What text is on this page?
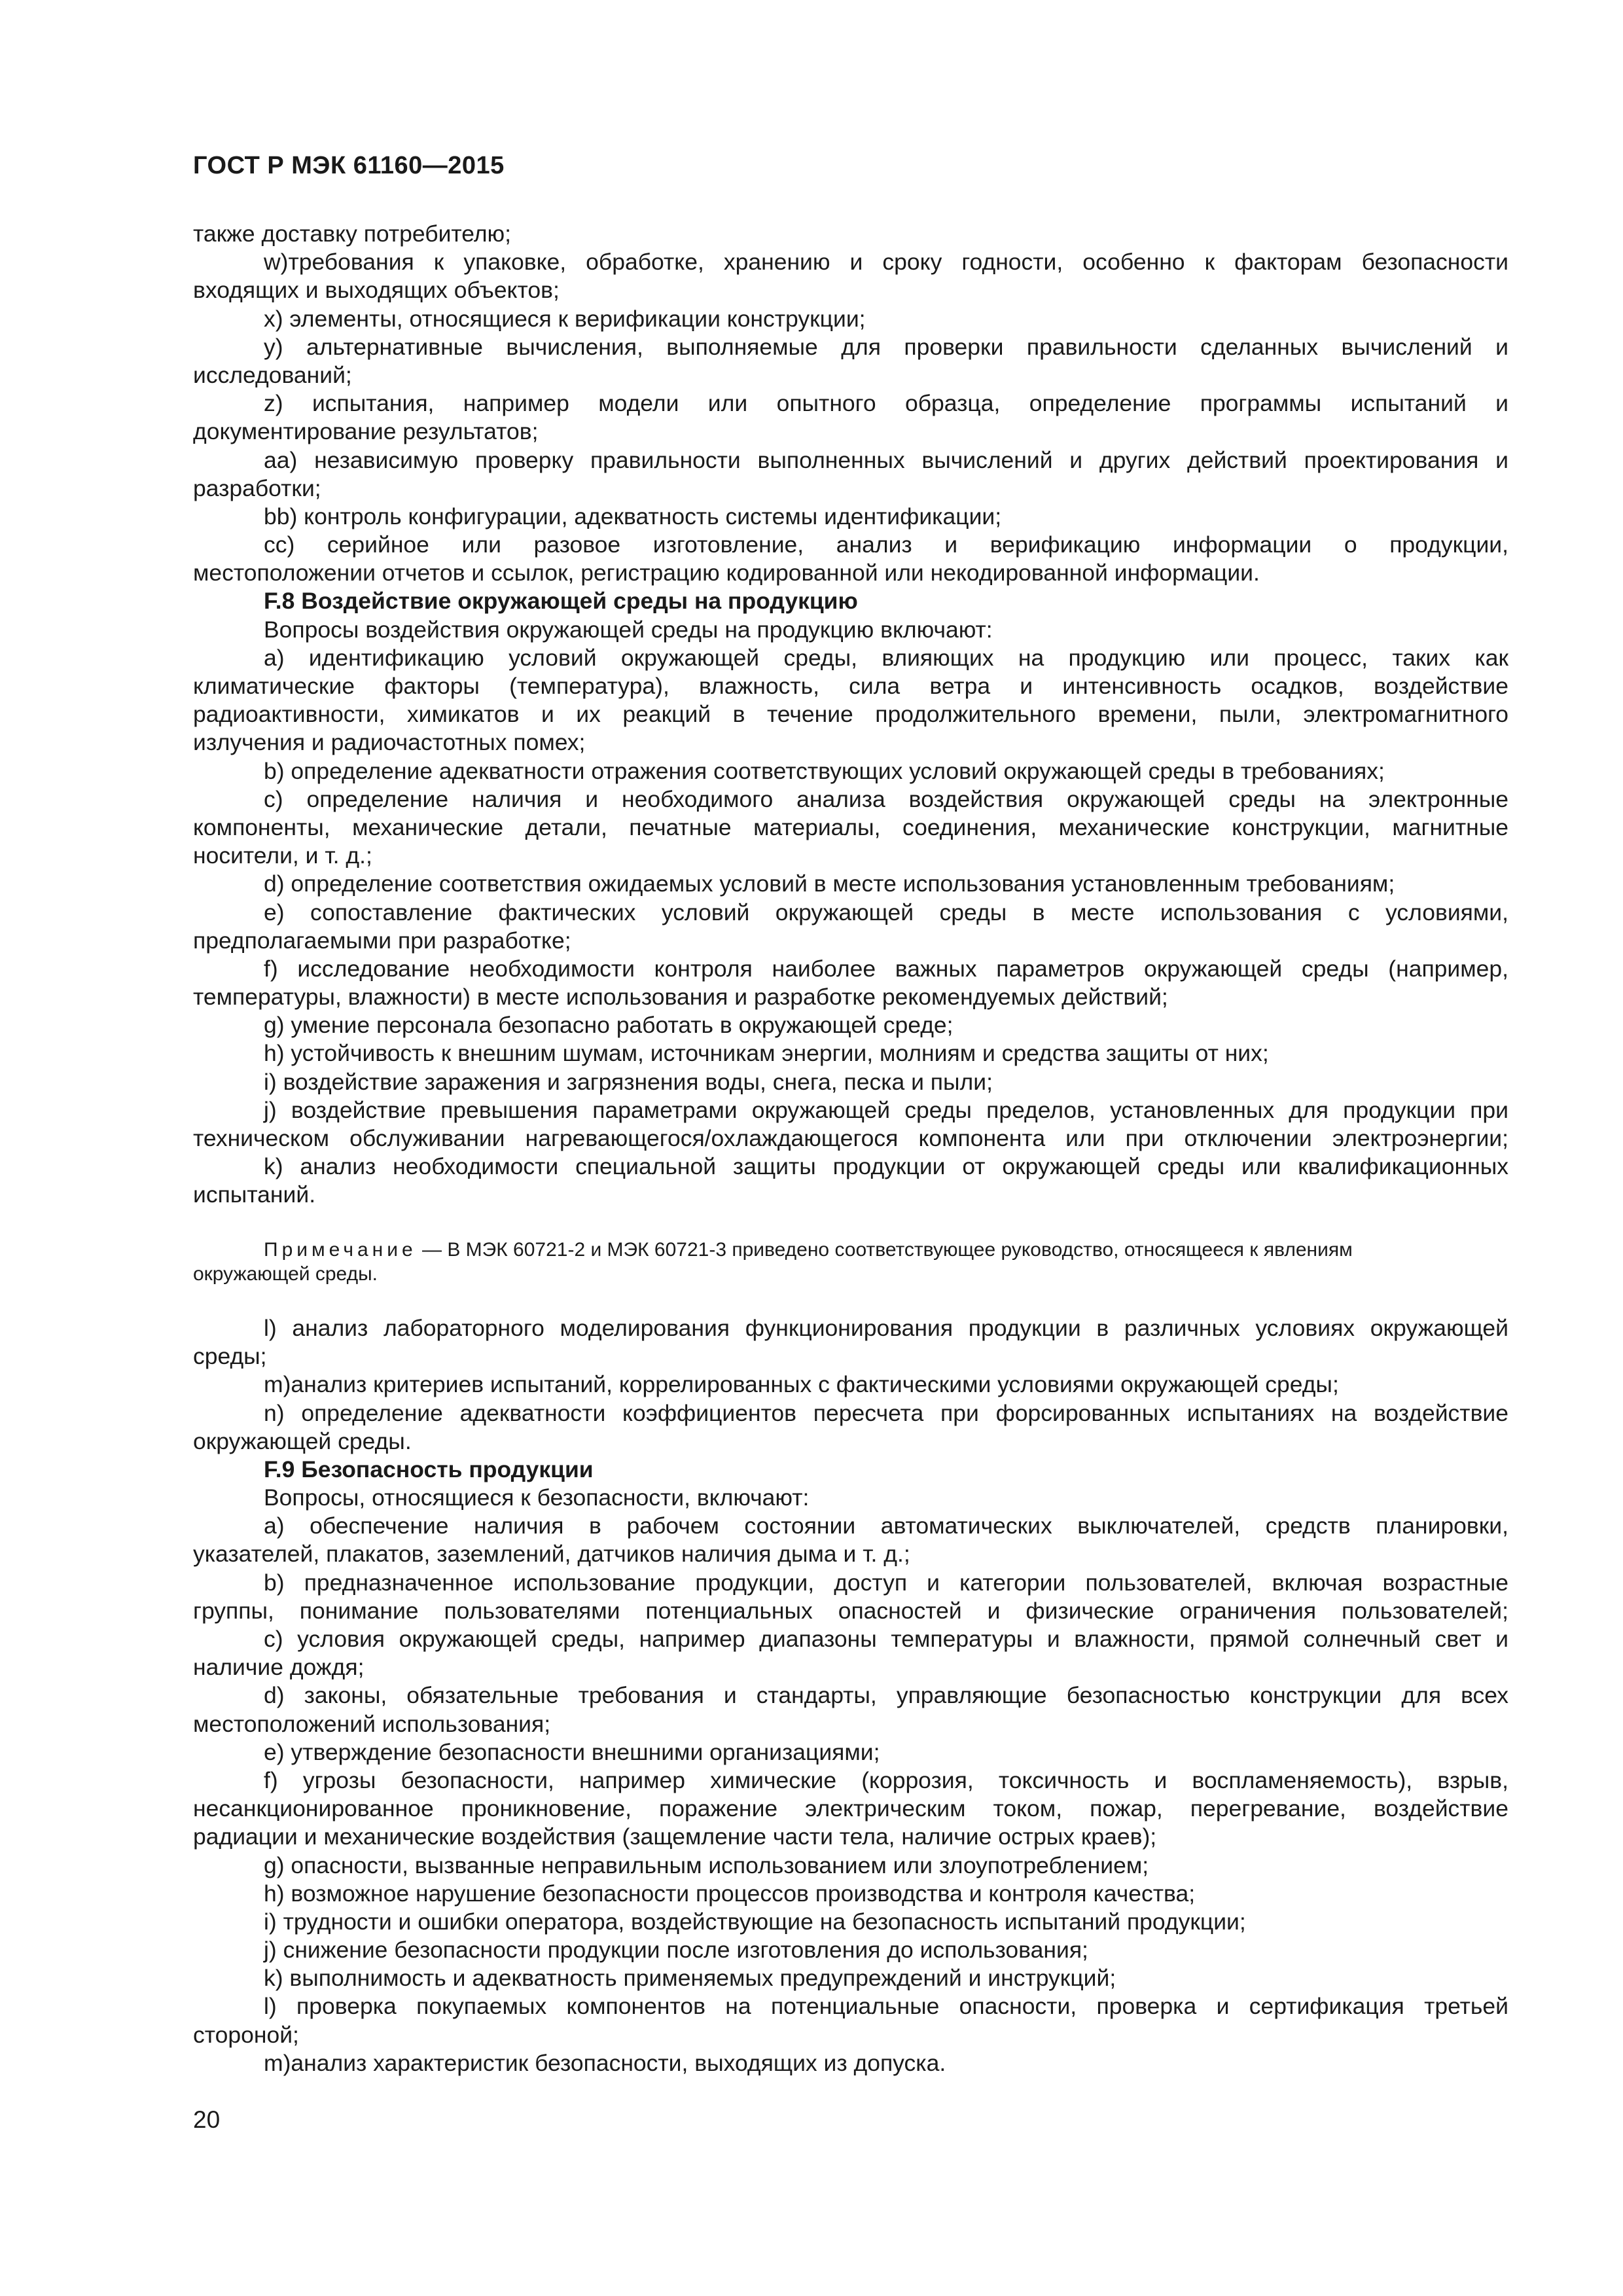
ГОСТ Р МЭК 61160—2015
также доставку потребителю;
w)требования к упаковке, обработке, хранению и сроку годности, особенно к факторам безопасности
входящих и выходящих объектов;
x) элементы, относящиеся к верификации конструкции;
y) альтернативные вычисления, выполняемые для проверки правильности сделанных вычислений и
исследований;
z) испытания, например модели или опытного образца, определение программы испытаний и
документирование результатов;
aa) независимую проверку правильности выполненных вычислений и других действий проектирования и
разработки;
bb) контроль конфигурации, адекватность системы идентификации;
cc) серийное или разовое изготовление, анализ и верификацию информации о продукции,
местоположении отчетов и ссылок, регистрацию кодированной или некодированной информации.
F.8 Воздействие окружающей среды на продукцию
Вопросы воздействия окружающей среды на продукцию включают:
a) идентификацию условий окружающей среды, влияющих на продукцию или процесс, таких как
климатические факторы (температура), влажность, сила ветра и интенсивность осадков, воздействие
радиоактивности, химикатов и их реакций в течение продолжительного времени, пыли, электромагнитного
излучения и радиочастотных помех;
b) определение адекватности отражения соответствующих условий окружающей среды в требованиях;
c) определение наличия и необходимого анализа воздействия окружающей среды на электронные
компоненты, механические детали, печатные материалы, соединения, механические конструкции, магнитные
носители, и т. д.;
d) определение соответствия ожидаемых условий в месте использования установленным требованиям;
e) сопоставление фактических условий окружающей среды в месте использования с условиями,
предполагаемыми при разработке;
f) исследование необходимости контроля наиболее важных параметров окружающей среды (например,
температуры, влажности) в месте использования и разработке рекомендуемых действий;
g) умение персонала безопасно работать в окружающей среде;
h) устойчивость к внешним шумам, источникам энергии, молниям и средства защиты от них;
i) воздействие заражения и загрязнения воды, снега, песка и пыли;
j) воздействие превышения параметрами окружающей среды пределов, установленных для продукции при
техническом обслуживании нагревающегося/охлаждающегося компонента или при отключении электроэнергии;
k) анализ необходимости специальной защиты продукции от окружающей среды или квалификационных
испытаний.
Примечание — В МЭК 60721-2 и МЭК 60721-3 приведено соответствующее руководство, относящееся к явлениям
окружающей среды.
l) анализ лабораторного моделирования функционирования продукции в различных условиях окружающей
среды;
m)анализ критериев испытаний, коррелированных с фактическими условиями окружающей среды;
n) определение адекватности коэффициентов пересчета при форсированных испытаниях на воздействие
окружающей среды.
F.9 Безопасность продукции
Вопросы, относящиеся к безопасности, включают:
a) обеспечение наличия в рабочем состоянии автоматических выключателей, средств планировки,
указателей, плакатов, заземлений, датчиков наличия дыма и т. д.;
b) предназначенное использование продукции, доступ и категории пользователей, включая возрастные
группы, понимание пользователями потенциальных опасностей и физические ограничения пользователей;
c) условия окружающей среды, например диапазоны температуры и влажности, прямой солнечный свет и
наличие дождя;
d) законы, обязательные требования и стандарты, управляющие безопасностью конструкции для всех
местоположений использования;
e) утверждение безопасности внешними организациями;
f) угрозы безопасности, например химические (коррозия, токсичность и воспламеняемость), взрыв,
несанкционированное проникновение, поражение электрическим током, пожар, перегревание, воздействие
радиации и механические воздействия (защемление части тела, наличие острых краев);
g) опасности, вызванные неправильным использованием или злоупотреблением;
h) возможное нарушение безопасности процессов производства и контроля качества;
i) трудности и ошибки оператора, воздействующие на безопасность испытаний продукции;
j) снижение безопасности продукции после изготовления до использования;
k) выполнимость и адекватность применяемых предупреждений и инструкций;
l) проверка покупаемых компонентов на потенциальные опасности, проверка и сертификация третьей
стороной;
m)анализ характеристик безопасности, выходящих из допуска.
20
